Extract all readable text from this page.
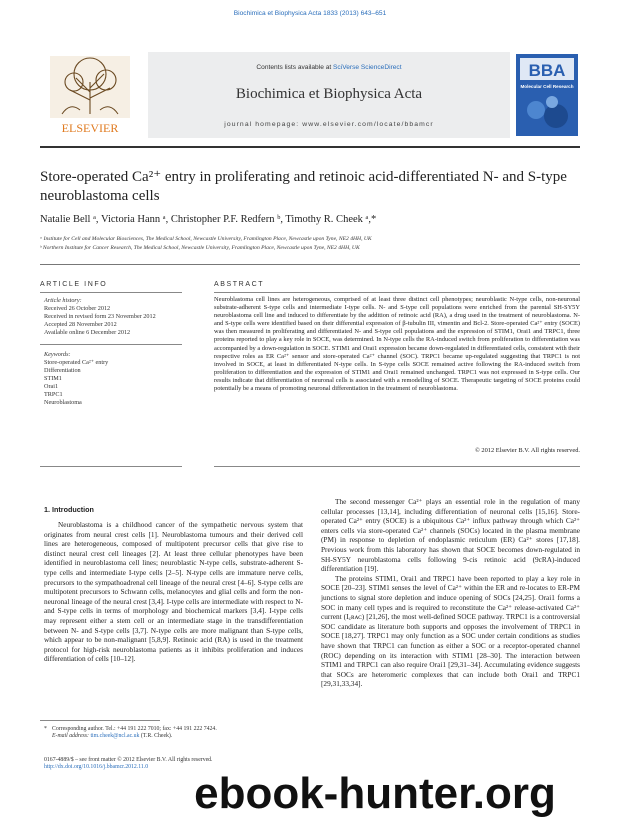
Biochimica et Biophysica Acta 1833 (2013) 643–651
ELSEVIER
Contents lists available at SciVerse ScienceDirect
Biochimica et Biophysica Acta
journal homepage: www.elsevier.com/locate/bbamcr
BBA
Molecular Cell Research
Store-operated Ca²⁺ entry in proliferating and retinoic acid-differentiated N- and S-type neuroblastoma cells
Natalie Bell ᵃ, Victoria Hann ᵃ, Christopher P.F. Redfern ᵇ, Timothy R. Cheek ᵃ,*
ᵃ Institute for Cell and Molecular Biosciences, The Medical School, Newcastle University, Framlington Place, Newcastle upon Tyne, NE2 4HH, UK
ᵇ Northern Institute for Cancer Research, The Medical School, Newcastle University, Framlington Place, Newcastle upon Tyne, NE2 4HH, UK
ARTICLE INFO	ABSTRACT
Article history:
Received 26 October 2012
Received in revised form 23 November 2012
Accepted 28 November 2012
Available online 6 December 2012
Keywords:
Store-operated Ca²⁺ entry
Differentiation
STIM1
Orai1
TRPC1
Neuroblastoma
Neuroblastoma cell lines are heterogeneous, comprised of at least three distinct cell phenotypes; neuroblastic N-type cells, non-neuronal substrate-adherent S-type cells and intermediate I-type cells. N- and S-type cell populations were enriched from the parental SH-SY5Y neuroblastoma cell line and induced to differentiate by the addition of retinoic acid (RA), a drug used in the treatment of neuroblastoma. N- and S-type cells were identified based on their differential expression of β-tubulin III, vimentin and Bcl-2. Store-operated Ca²⁺ entry (SOCE) was then measured in proliferating and differentiated N- and S-type cell populations and the expression of STIM1, Orai1 and TRPC1, three proteins reported to play a key role in SOCE, was determined. In N-type cells the RA-induced switch from proliferation to differentiation was accompanied by a down-regulation in SOCE. STIM1 and Orai1 expression became down-regulated in differentiated cells, consistent with their respective roles as ER Ca²⁺ sensor and store-operated Ca²⁺ channel (SOC). TRPC1 became up-regulated suggesting that TRPC1 is not involved in SOCE, at least in differentiated N-type cells. In S-type cells SOCE remained active following the RA-induced switch from proliferation to differentiation and the expression of STIM1 and Orai1 remained unchanged. TRPC1 was not expressed in S-type cells. Our results indicate that differentiation of neuronal cells is associated with a remodelling of SOCE. Therapeutic targeting of SOCE proteins could potentially be a means of promoting neuronal differentiation in the treatment of neuroblastoma.
© 2012 Elsevier B.V. All rights reserved.
1. Introduction

Neuroblastoma is a childhood cancer of the sympathetic nervous system that originates from neural crest cells [1]. Neuroblastoma tumours and their derived cell lines are heterogeneous, composed of multipotent precursor cells that give rise to distinct neural crest cell lineages [2]. At least three cellular phenotypes have been identified in neuroblastoma cell lines; neuroblastic N-type cells, substrate-adherent S-type cells and intermediate I-type cells [2–5]. N-type cells are immature nerve cells, precursors to the sympathoadrenal cell lineage of the neural crest [4–6]. S-type cells are multipotent precursors to Schwann cells, melanocytes and glial cells and form the non-neuronal lineage of the neural crest [3,4]. I-type cells are intermediate with respect to N- and S-type cells in terms of morphology and biochemical markers [3,4]. I-type cells may represent either a stem cell or an intermediate stage in the transdifferentiation between N- and S-type cells [3,7]. N-type cells are more malignant than S-type cells, which appear to be non-malignant [5,8,9]. Retinoic acid (RA) is used in the treatment protocol for high-risk neuroblastoma patients as it inhibits proliferation and induces differentiation of cells [10–12].

The second messenger Ca²⁺ plays an essential role in the regulation of many cellular processes [13,14], including differentiation of neuronal cells [15,16]. Store-operated Ca²⁺ entry (SOCE) is a ubiquitous Ca²⁺ influx pathway through which Ca²⁺ enters cells via store-operated Ca²⁺ channels (SOCs) located in the plasma membrane (PM) in response to depletion of endoplasmic reticulum (ER) Ca²⁺ stores [17,18]. Previous work from this laboratory has shown that SOCE becomes down-regulated in SH-SY5Y neuroblastoma cells following 9-cis retinoic acid (9cRA)-induced differentiation [19].

The proteins STIM1, Orai1 and TRPC1 have been reported to play a key role in SOCE [20–23]. STIM1 senses the level of Ca²⁺ within the ER and re-locates to ER-PM junctions to signal store depletion and induce opening of SOCs [24,25]. Orai1 forms a SOC in many cell types and is required to reconstitute the Ca²⁺ release-activated Ca²⁺ current (I꜀ʀᴀᴄ) [21,26], the most well-defined SOCE pathway. TRPC1 is a controversial SOC candidate as literature both supports and opposes the involvement of TRPC1 in SOCE [18,27]. TRPC1 may only function as a SOC under certain conditions as studies have shown that TRPC1 can function as either a SOC or a receptor-operated channel (ROC) depending on its interaction with STIM1 [28–30]. The interaction between STIM1 and TRPC1 can also require Orai1 [29,31–34]. Accumulating evidence suggests that SOCs are heteromeric complexes that can include both Orai1 and TRPC1 [29,31,33,34].

* Corresponding author. Tel.: +44 191 222 7010; fax: +44 191 222 7424.
E-mail address: tim.cheek@ncl.ac.uk (T.R. Cheek).
0167-4889/$ – see front matter © 2012 Elsevier B.V. All rights reserved.
http://dx.doi.org/10.1016/j.bbamcr.2012.11.0
ebook-hunter.org
